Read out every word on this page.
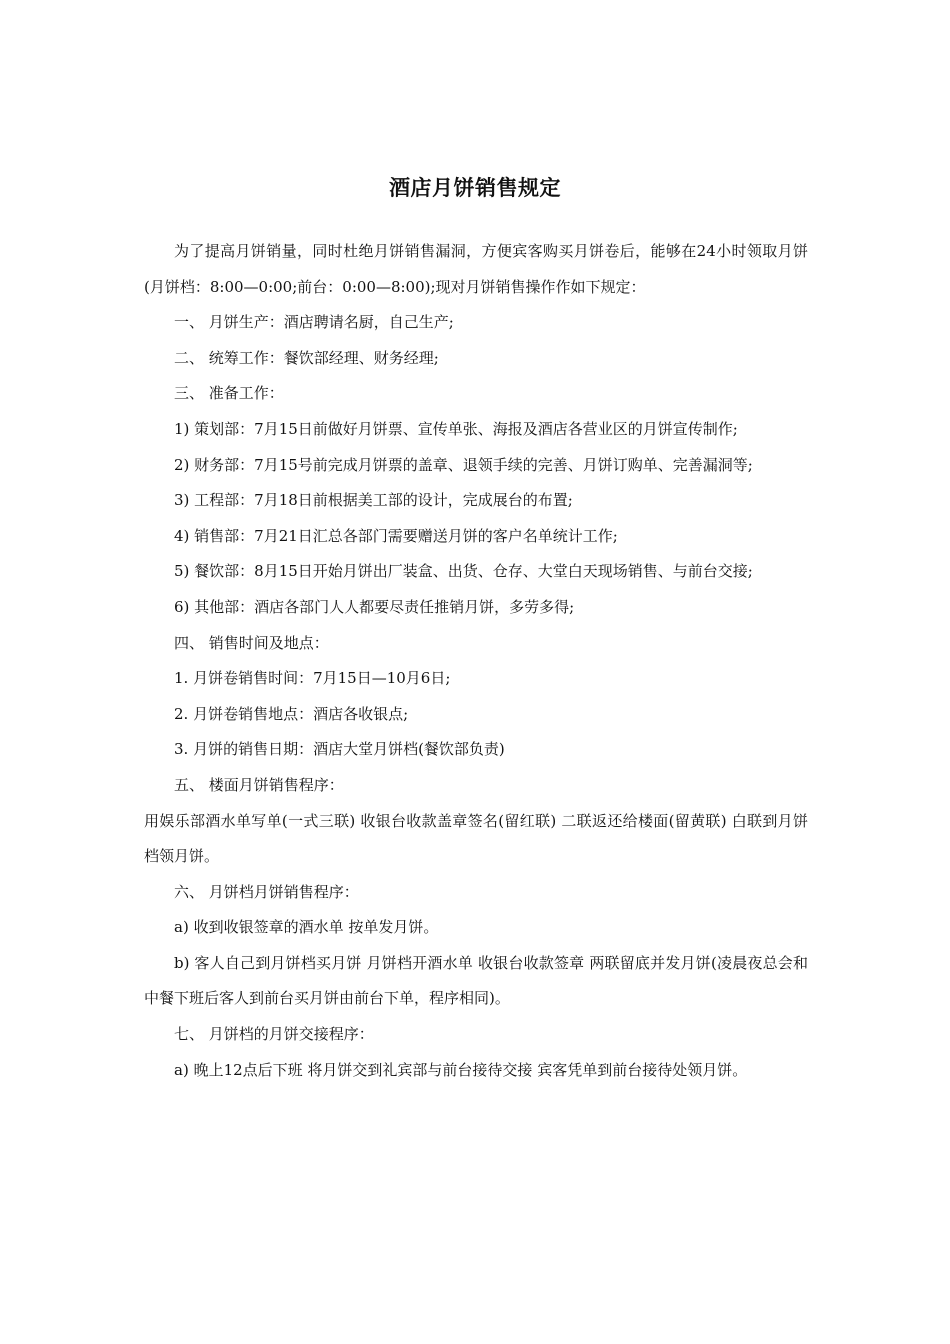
酒店月饼销售规定

为了提高月饼销量，同时杜绝月饼销售漏洞，方便宾客购买月饼卷后，能够在24小时领取月饼(月饼档：8:00—0:00;前台：0:00—8:00);现对月饼销售操作作如下规定：

一、 月饼生产：酒店聘请名厨，自己生产;

二、 统筹工作：餐饮部经理、财务经理;

三、 准备工作：

1) 策划部：7月15日前做好月饼票、宣传单张、海报及酒店各营业区的月饼宣传制作;

2) 财务部：7月15号前完成月饼票的盖章、退领手续的完善、月饼订购单、完善漏洞等;

3) 工程部：7月18日前根据美工部的设计，完成展台的布置;

4) 销售部：7月21日汇总各部门需要赠送月饼的客户名单统计工作;

5) 餐饮部：8月15日开始月饼出厂装盒、出货、仓存、大堂白天现场销售、与前台交接;

6) 其他部：酒店各部门人人都要尽责任推销月饼，多劳多得;

四、 销售时间及地点：

1. 月饼卷销售时间：7月15日—10月6日;

2. 月饼卷销售地点：酒店各收银点;

3. 月饼的销售日期：酒店大堂月饼档(餐饮部负责)

五、 楼面月饼销售程序：

用娱乐部酒水单写单(一式三联) 收银台收款盖章签名(留红联) 二联返还给楼面(留黄联) 白联到月饼档领月饼。

六、 月饼档月饼销售程序：

a) 收到收银签章的酒水单 按单发月饼。

b) 客人自己到月饼档买月饼 月饼档开酒水单 收银台收款签章 两联留底并发月饼(凌晨夜总会和中餐下班后客人到前台买月饼由前台下单，程序相同)。

七、 月饼档的月饼交接程序：

a) 晚上12点后下班 将月饼交到礼宾部与前台接待交接 宾客凭单到前台接待处领月饼。
